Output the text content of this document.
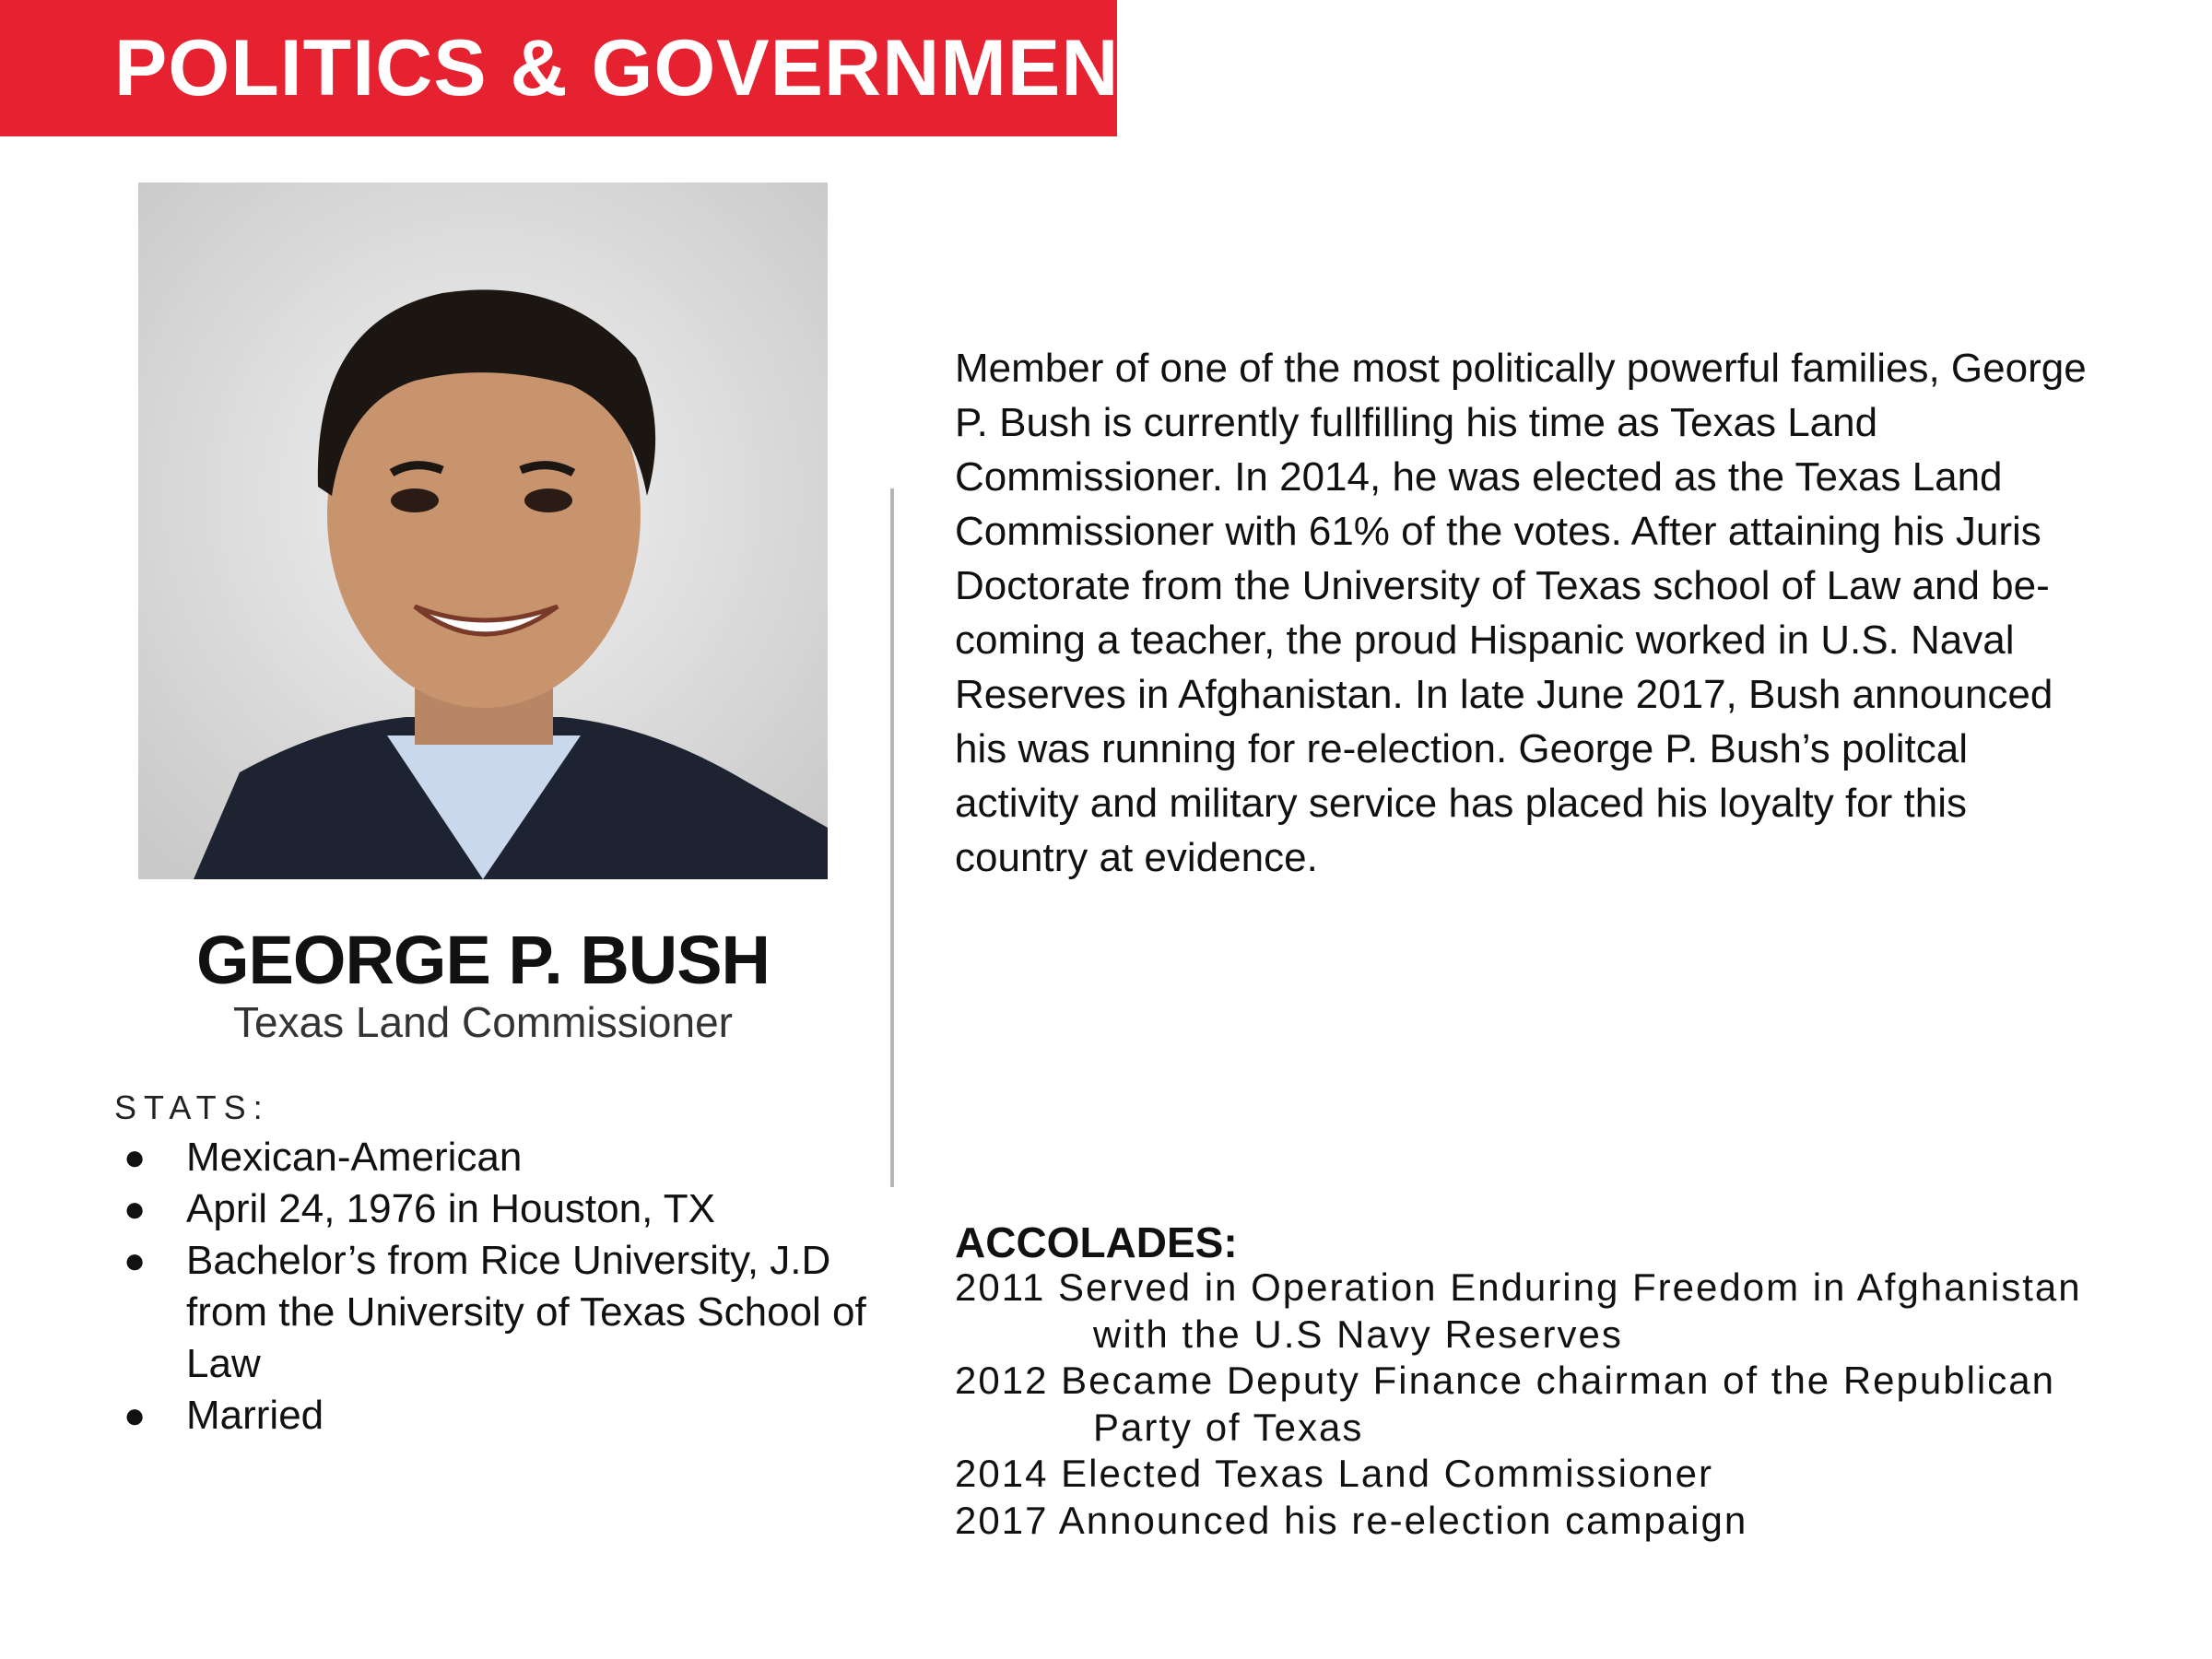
POLITICS & GOVERNMENT
GEORGE P. BUSH
Texas Land Commissioner
STATS:
● Mexican-American
● April 24, 1976 in Houston, TX
● Bachelor’s from Rice University, J.D from the University of Texas School of Law
● Married

Member of one of the most politically powerful families, George P. Bush is currently fullfilling his time as Texas Land Commissioner. In 2014, he was elected as the Texas Land Commissioner with 61% of the votes. After attaining his Juris Doctorate from the University of Texas school of Law and be-coming a teacher, the proud Hispanic worked in U.S. Naval Reserves in Afghanistan. In late June 2017, Bush announced his was running for re-election. George P. Bush’s politcal activity and military service has placed his loyalty for this country at evidence.

ACCOLADES:
2011 Served in Operation Enduring Freedom in Afghanistan with the U.S Navy Reserves
2012 Became Deputy Finance chairman of the Republican Party of Texas
2014 Elected Texas Land Commissioner
2017 Announced his re-election campaign
